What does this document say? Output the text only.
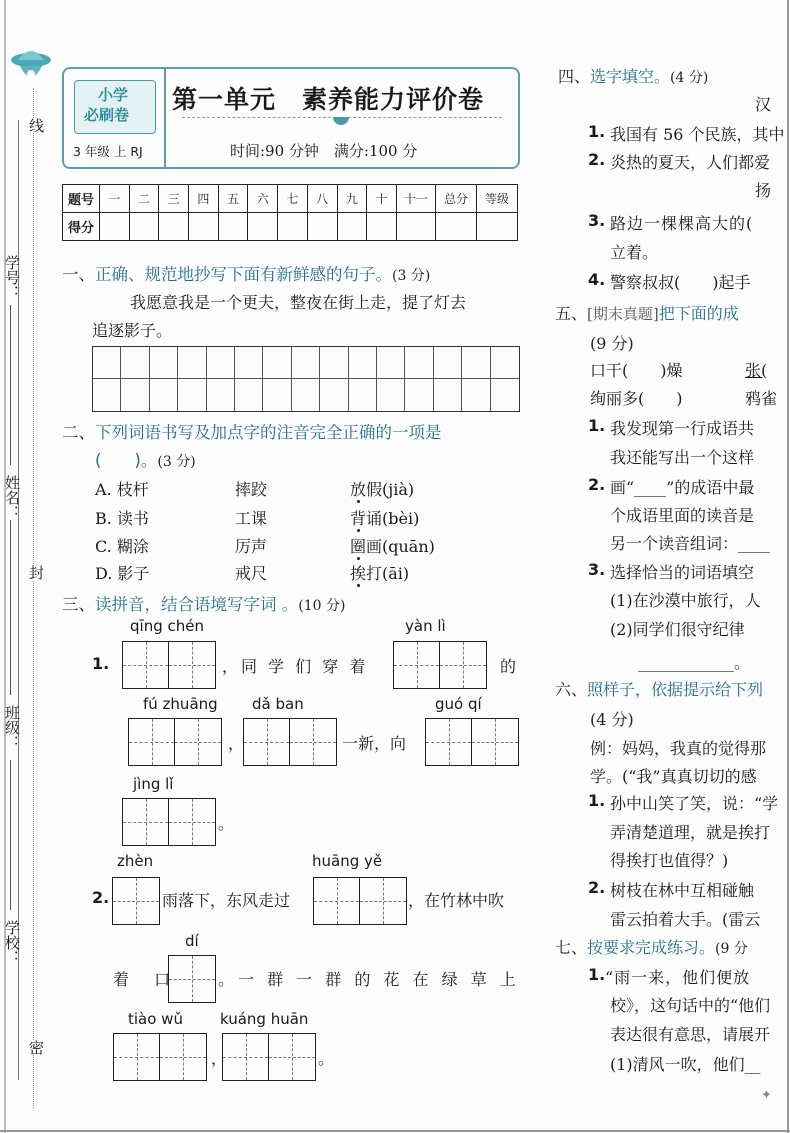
线
封
密
学号：
姓名：
班级：
学校：
小学
必刷卷
3 年级 上 RJ
第一单元　素养能力评价卷
时间:90 分钟　满分:100 分
题号	一	二	三	四	五	六	七	八	九	十	十一	总分	等级
得分													
一、正确、规范地抄写下面有新鲜感的句子。(3 分)
我愿意我是一个更夫，整夜在街上走，提了灯去
追逐影子。
二、下列词语书写及加点字的注音完全正确的一项是
(　　)。(3 分)
A. 枝杆	摔跤	放假(jià)
B. 读书	工课	背诵(bèi)
C. 糊涂	厉声	圈画(quān)
D. 影子	戒尺	挨打(āi)
三、读拼音，结合语境写字词 。(10 分)
qīng chén
1.	，同 学 们 穿 着
yàn lì
的
fú zhuāng dǎ ban	guó qí
，	一新，向
jìng lǐ
。
zhèn	huāng yě
2.	雨落下，东风走过	，在竹林中吹
dí
着 口 。一 群 一 群 的 花 在 绿 草 上
tiào wǔ kuáng huān
，	。
四、选字填空。(4 分)
汉
1. 我国有 56 个民族，其中
2. 炎热的夏天，人们都爱
扬
3. 路边一棵棵高大的(
立着。
4. 警察叔叔(　　)起手
五、[期末真题]把下面的成
(9 分)
口干(　　)燥	张(
绚丽多(　　)	鸦雀
1. 我发现第一行成语共
我还能写出一个这样
2. 画“____”的成语中最
个成语里面的读音是
另一个读音组词：____
3. 选择恰当的词语填空
(1)在沙漠中旅行，人
(2)同学们很守纪律
____________。
六、照样子，依据提示给下列
(4 分)
例：妈妈，我真的觉得那
学。(“我”真真切切的感
1. 孙中山笑了笑，说：“学
弄清楚道理，就是挨打
得挨打也值得？)
2. 树枝在林中互相碰触
雷云拍着大手。(雷云
七、按要求完成练习。(9 分
1. “雨一来，他们便放
校》，这句话中的“他们
表达很有意思，请展开
(1)清风一吹，他们__
✦
